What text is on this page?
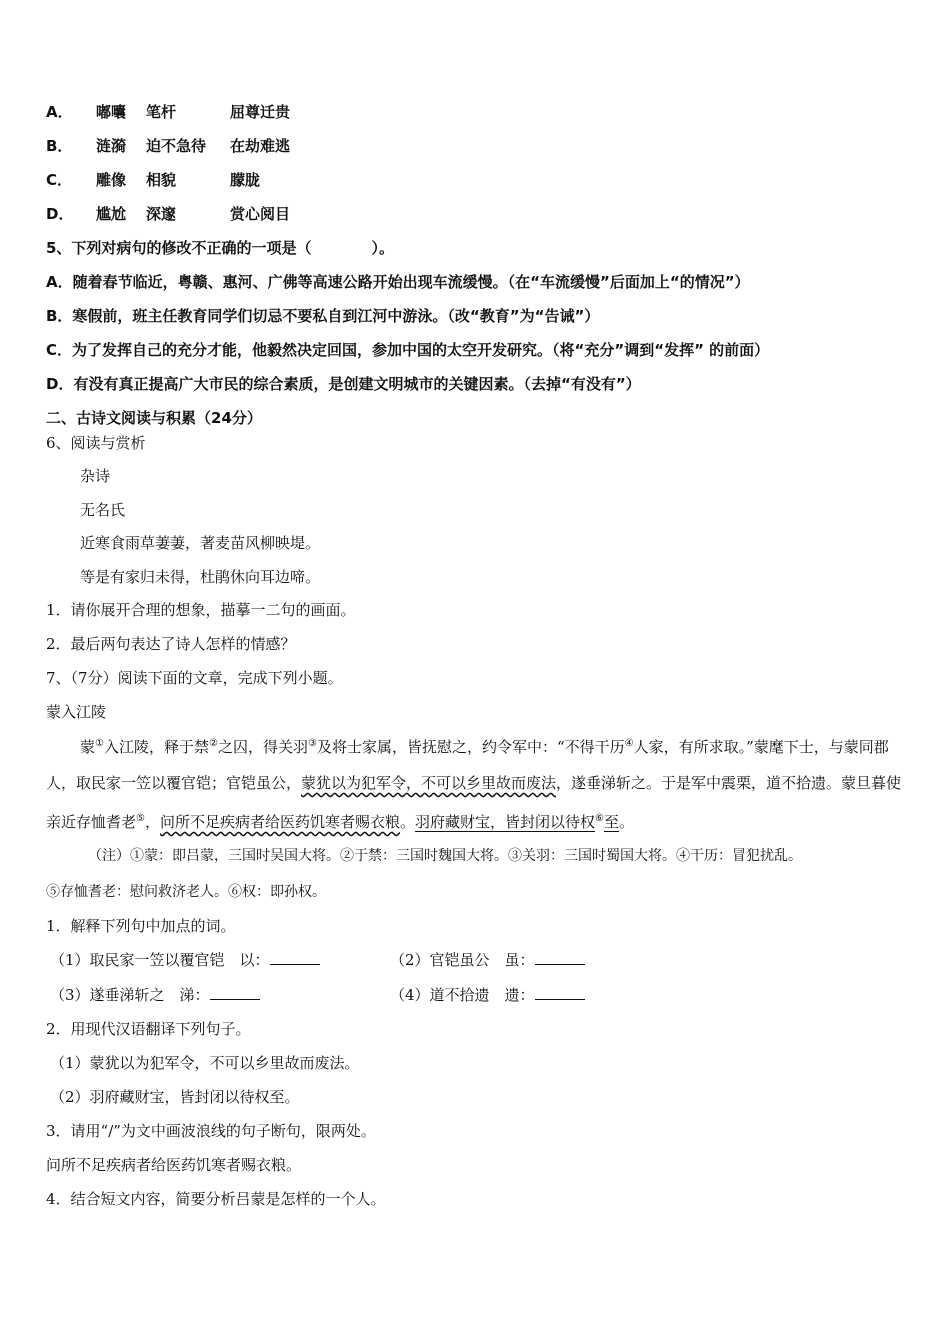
A． 嘟囔 笔杆	屈尊迁贵
B． 涟漪 迫不急待 在劫难逃
C． 雕像 相貌	朦胧
D． 尴尬 深邃	赏心阅目
5、下列对病句的修改不正确的一项是（　　　　）。
A．随着春节临近，粤赣、惠河、广佛等高速公路开始出现车流缓慢。（在“车流缓慢”后面加上“的情况”）
B．寒假前，班主任教育同学们切忌不要私自到江河中游泳。（改“教育”为“告诫”）
C．为了发挥自己的充分才能，他毅然决定回国，参加中国的太空开发研究。（将“充分”调到“发挥” 的前面）
D．有没有真正提高广大市民的综合素质，是创建文明城市的关键因素。（去掉“有没有”）
二、古诗文阅读与积累（24分）
6、阅读与赏析
杂诗
无名氏
近寒食雨草萋萋，著麦苗风柳映堤。
等是有家归未得，杜鹃休向耳边啼。
1．请你展开合理的想象，描摹一二句的画面。
2．最后两句表达了诗人怎样的情感？
7、（7分）阅读下面的文章，完成下列小题。
蒙入江陵
蒙①入江陵，释于禁②之囚，得关羽③及将士家属，皆抚慰之，约令军中：“不得干历④人家，有所求取。”蒙麾下士，与蒙同郡人，取民家一笠以覆官铠；官铠虽公，蒙犹以为犯军令，不可以乡里故而废法，遂垂涕斩之。于是军中震栗，道不拾遗。蒙旦暮使亲近存恤耆老⑤，问所不足疾病者给医药饥寒者赐衣粮。羽府藏财宝，皆封闭以待权⑥至。
（注）①蒙：即吕蒙，三国时吴国大将。②于禁：三国时魏国大将。③关羽：三国时蜀国大将。④干历：冒犯扰乱。
⑤存恤耆老：慰问救济老人。⑥权：即孙权。
1．解释下列句中加点的词。
（1）取民家一笠以覆官铠　以：	（2）官铠虽公　虽：
（3）遂垂涕斩之　涕：	（4）道不拾遗　遗：
2．用现代汉语翻译下列句子。
（1）蒙犹以为犯军令，不可以乡里故而废法。
（2）羽府藏财宝，皆封闭以待权至。
3．请用“/”为文中画波浪线的句子断句，限两处。
问所不足疾病者给医药饥寒者赐衣粮。
4．结合短文内容，简要分析吕蒙是怎样的一个人。
